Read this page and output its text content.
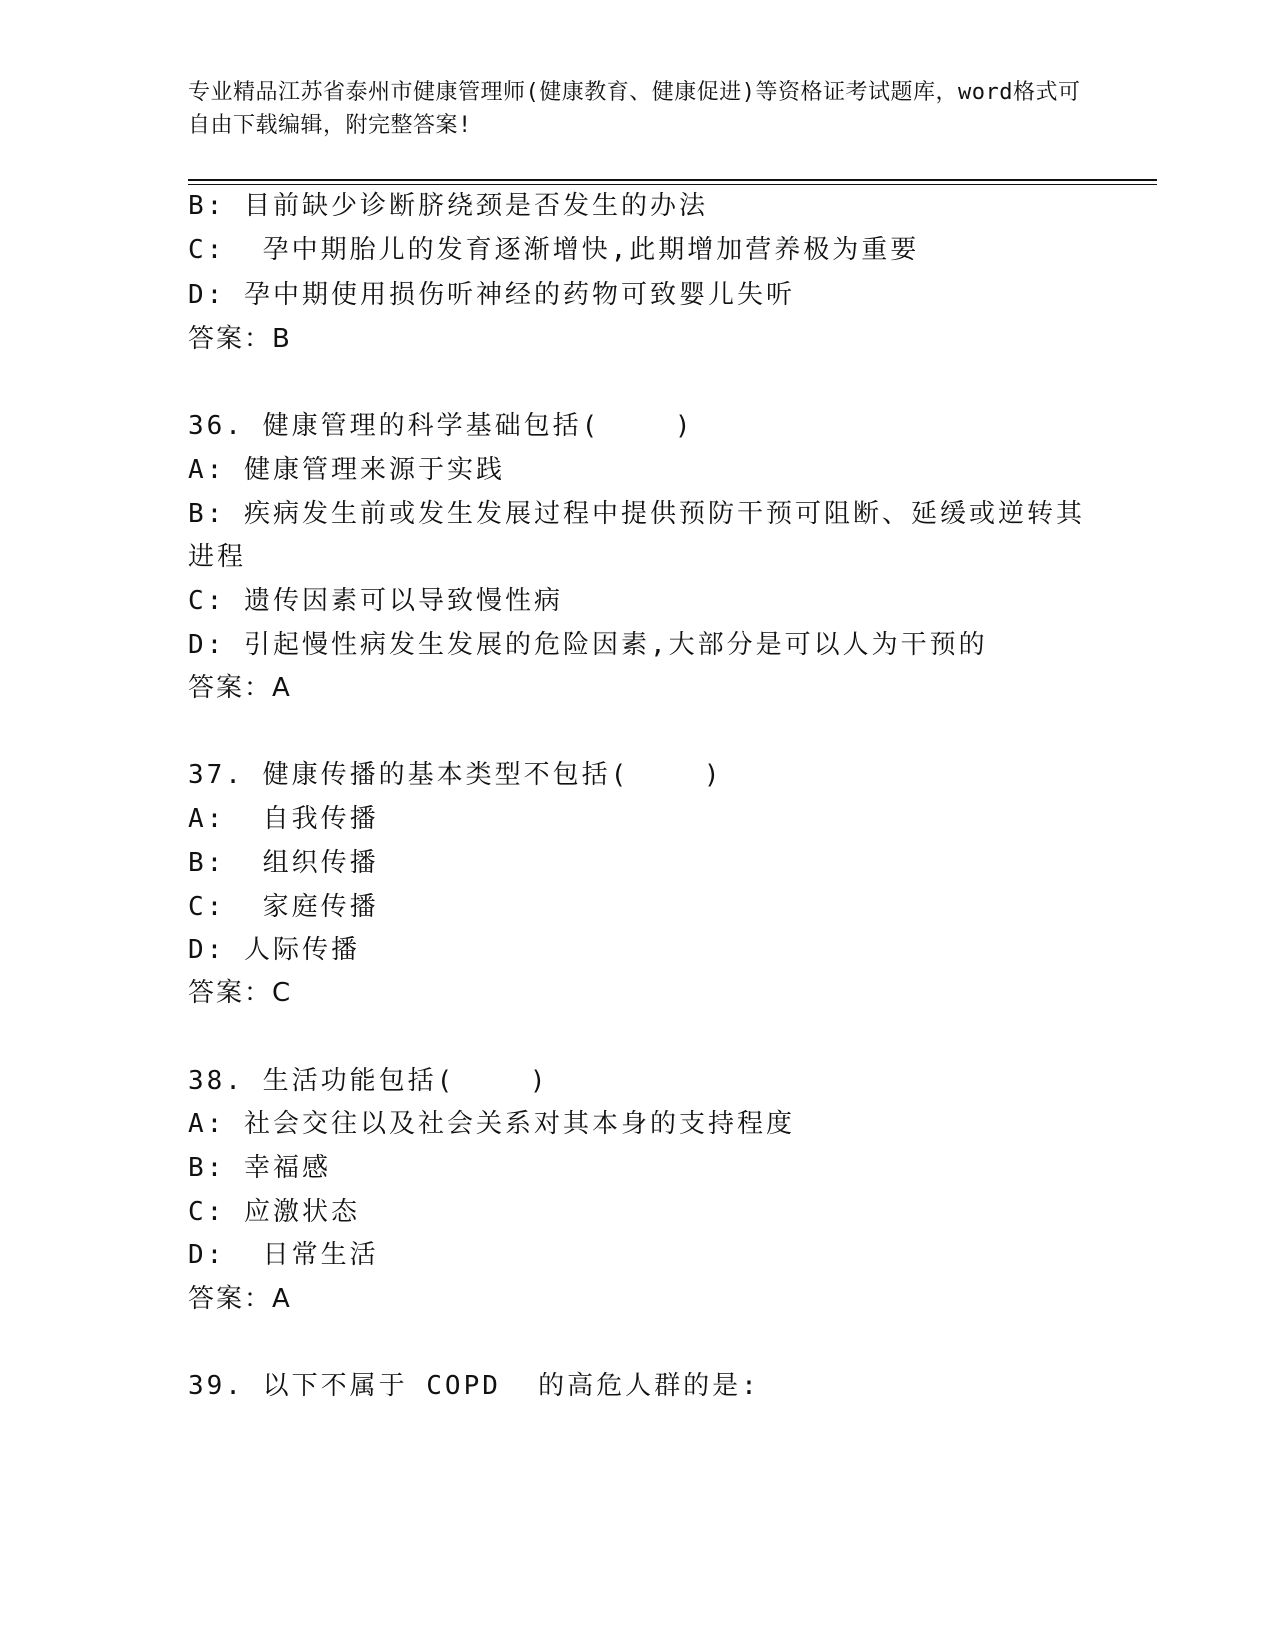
专业精品江苏省泰州市健康管理师(健康教育、健康促进)等资格证考试题库，word格式可自由下载编辑，附完整答案!
B: 目前缺少诊断脐绕颈是否发生的办法
C:  孕中期胎儿的发育逐渐增快,此期增加营养极为重要
D: 孕中期使用损伤听神经的药物可致婴儿失听
答案：B
36. 健康管理的科学基础包括(    )
A: 健康管理来源于实践
B: 疾病发生前或发生发展过程中提供预防干预可阻断、延缓或逆转其
进程
C: 遗传因素可以导致慢性病
D: 引起慢性病发生发展的危险因素,大部分是可以人为干预的
答案：A
37. 健康传播的基本类型不包括(    )
A:  自我传播
B:  组织传播
C:  家庭传播
D: 人际传播
答案：C
38. 生活功能包括(    )
A: 社会交往以及社会关系对其本身的支持程度
B: 幸福感
C: 应激状态
D:  日常生活
答案：A
39. 以下不属于 COPD  的高危人群的是:
